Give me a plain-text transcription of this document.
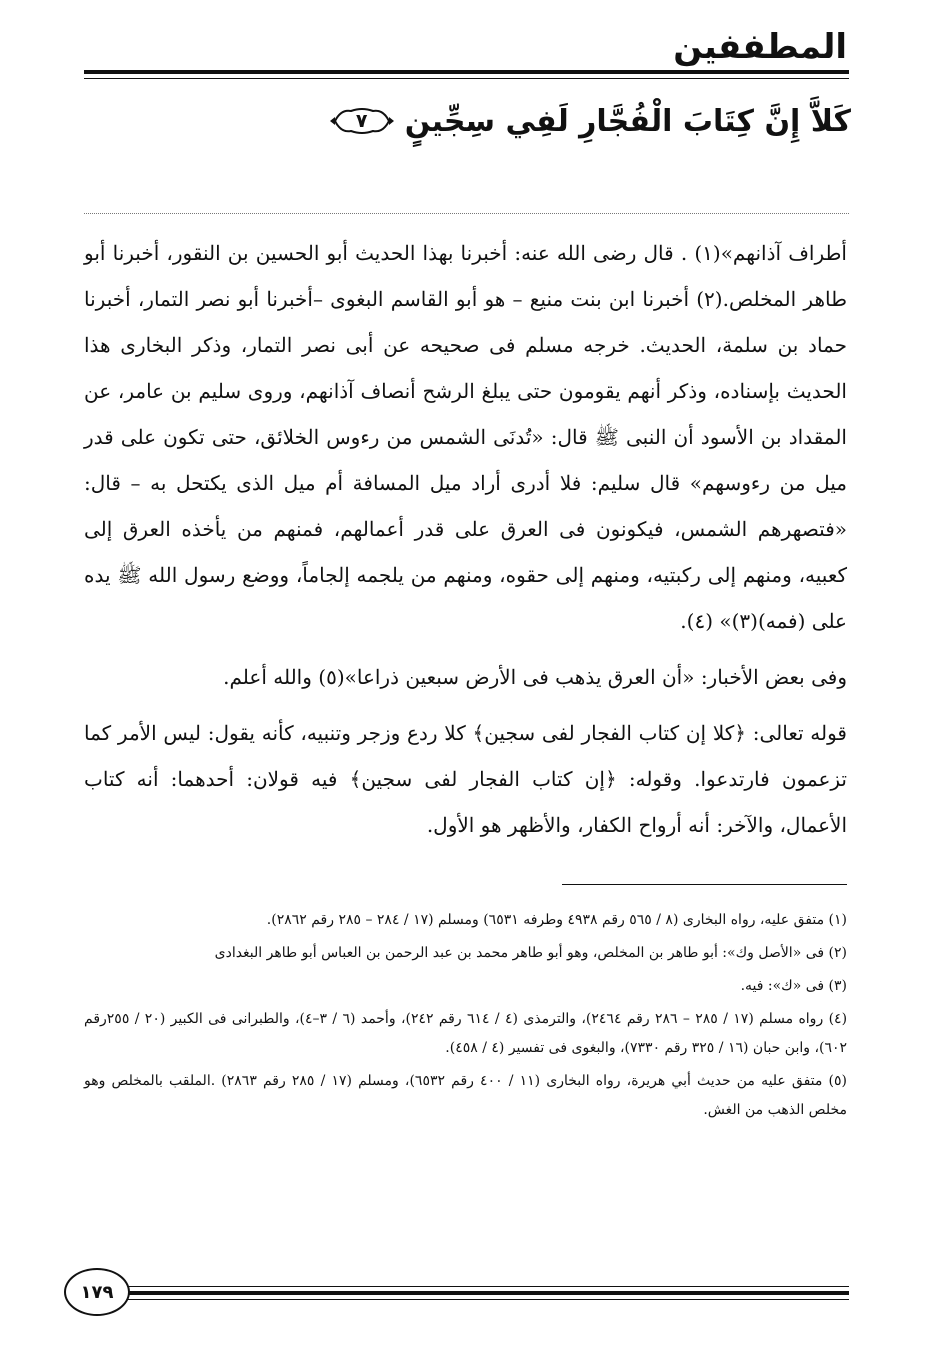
المطففين
كَلاَّ إِنَّ كِتَابَ الْفُجَّارِ لَفِي سِجِّينٍ
٧

أطراف آذانهم»(١) . قال رضى الله عنه: أخبرنا بهذا الحديث أبو الحسين بن النقور، أخبرنا أبو طاهر المخلص.(٢) أخبرنا ابن بنت منيع – هو أبو القاسم البغوى –أخبرنا أبو نصر التمار، أخبرنا حماد بن سلمة، الحديث. خرجه مسلم فى صحيحه عن أبى نصر التمار، وذكر البخارى هذا الحديث بإسناده، وذكر أنهم يقومون حتى يبلغ الرشح أنصاف آذانهم، وروى سليم بن عامر، عن المقداد بن الأسود أن النبى ﷺ قال: «تُدنَى الشمس من رءوس الخلائق، حتى تكون على قدر ميل من رءوسهم» قال سليم: فلا أدرى أراد ميل المسافة أم ميل الذى يكتحل به – قال: «فتصهرهم الشمس، فيكونون فى العرق على قدر أعمالهم، فمنهم من يأخذه العرق إلى كعبيه، ومنهم إلى ركبتيه، ومنهم إلى حقوه، ومنهم من يلجمه إلجاماً، ووضع رسول الله ﷺ يده على (فمه)(٣)» (٤).

وفى بعض الأخبار: «أن العرق يذهب فى الأرض سبعين ذراعا»(٥) والله أعلم.

قوله تعالى: ﴿كلا إن كتاب الفجار لفى سجين﴾ كلا ردع وزجر وتنبيه، كأنه يقول: ليس الأمر كما تزعمون فارتدعوا. وقوله: ﴿إن كتاب الفجار لفى سجين﴾ فيه قولان: أحدهما: أنه كتاب الأعمال، والآخر: أنه أرواح الكفار، والأظهر هو الأول.

(١) متفق عليه، رواه البخارى (٨ / ٥٦٥ رقم ٤٩٣٨ وطرفه ٦٥٣١) ومسلم (١٧ / ٢٨٤ – ٢٨٥ رقم ٢٨٦٢).

(٢) فى «الأصل وك»: أبو طاهر بن المخلص، وهو أبو طاهر محمد بن عبد الرحمن بن العباس أبو طاهر البغدادى

(٣) فى «ك»: فيه.

(٤) رواه مسلم (١٧ / ٢٨٥ – ٢٨٦ رقم ٢٤٦٤)، والترمذى (٤ / ٦١٤ رقم ٢٤٢)، وأحمد (٦ / ٣–٤)، والطبرانى فى الكبير (٢٠ / ٢٥٥رقم ٦٠٢)، وابن حبان (١٦ / ٣٢٥ رقم ٧٣٣٠)، والبغوى فى تفسير (٤ / ٤٥٨).

(٥) متفق عليه من حديث أبي هريرة، رواه البخارى (١١ / ٤٠٠ رقم ٦٥٣٢)، ومسلم (١٧ / ٢٨٥ رقم ٢٨٦٣) .الملقب بالمخلص وهو مخلص الذهب من الغش.

١٧٩
